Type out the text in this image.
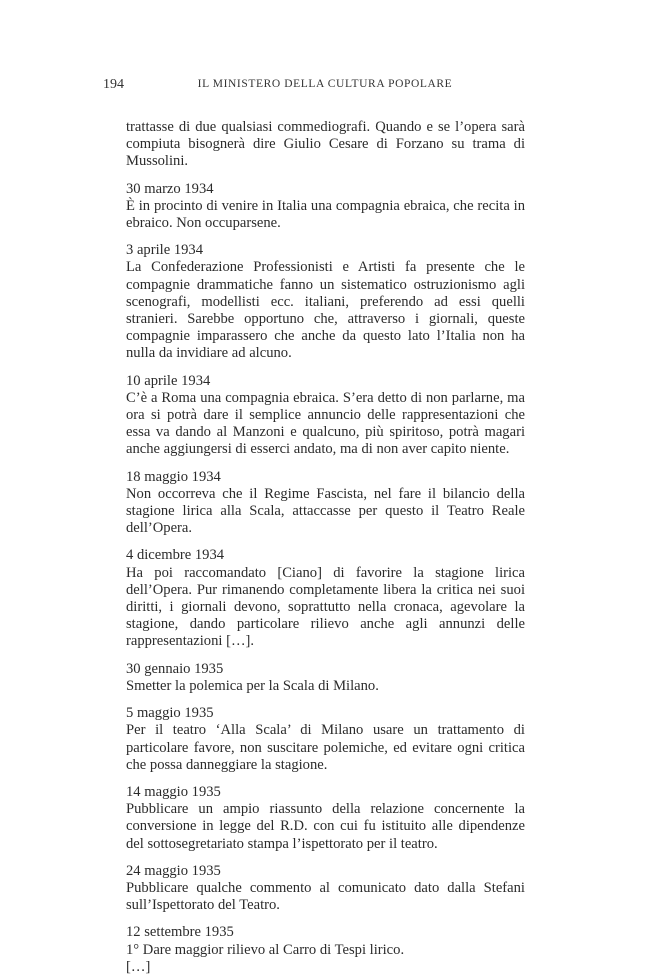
194	IL MINISTERO DELLA CULTURA POPOLARE

trattasse di due qualsiasi commediografi. Quando e se l’opera sarà compiuta bisognerà dire Giulio Cesare di Forzano su trama di Mussolini.

30 marzo 1934
È in procinto di venire in Italia una compagnia ebraica, che recita in ebraico. Non occuparsene.
3 aprile 1934
La Confederazione Professionisti e Artisti fa presente che le compagnie drammatiche fanno un sistematico ostruzionismo agli scenografi, modellisti ecc. italiani, preferendo ad essi quelli stranieri. Sarebbe opportuno che, attraverso i giornali, queste compagnie imparassero che anche da questo lato l’Italia non ha nulla da invidiare ad alcuno.
10 aprile 1934
C’è a Roma una compagnia ebraica. S’era detto di non parlarne, ma ora si potrà dare il semplice annuncio delle rappresentazioni che essa va dando al Manzoni e qualcuno, più spiritoso, potrà magari anche aggiungersi di esserci andato, ma di non aver capito niente.
18 maggio 1934
Non occorreva che il Regime Fascista, nel fare il bilancio della stagione lirica alla Scala, attaccasse per questo il Teatro Reale dell’Opera.
4 dicembre 1934
Ha poi raccomandato [Ciano] di favorire la stagione lirica dell’Opera. Pur rimanendo completamente libera la critica nei suoi diritti, i giornali devono, soprattutto nella cronaca, agevolare la stagione, dando particolare rilievo anche agli annunzi delle rappresentazioni […].
30 gennaio 1935
Smetter la polemica per la Scala di Milano.
5 maggio 1935
Per il teatro ‘Alla Scala’ di Milano usare un trattamento di particolare favore, non suscitare polemiche, ed evitare ogni critica che possa danneggiare la stagione.
14 maggio 1935
Pubblicare un ampio riassunto della relazione concernente la conversione in legge del R.D. con cui fu istituito alle dipendenze del sottosegretariato stampa l’ispettorato per il teatro.
24 maggio 1935
Pubblicare qualche commento al comunicato dato dalla Stefani sull’Ispettorato del Teatro.
12 settembre 1935
1° Dare maggior rilievo al Carro di Tespi lirico.
[…]
